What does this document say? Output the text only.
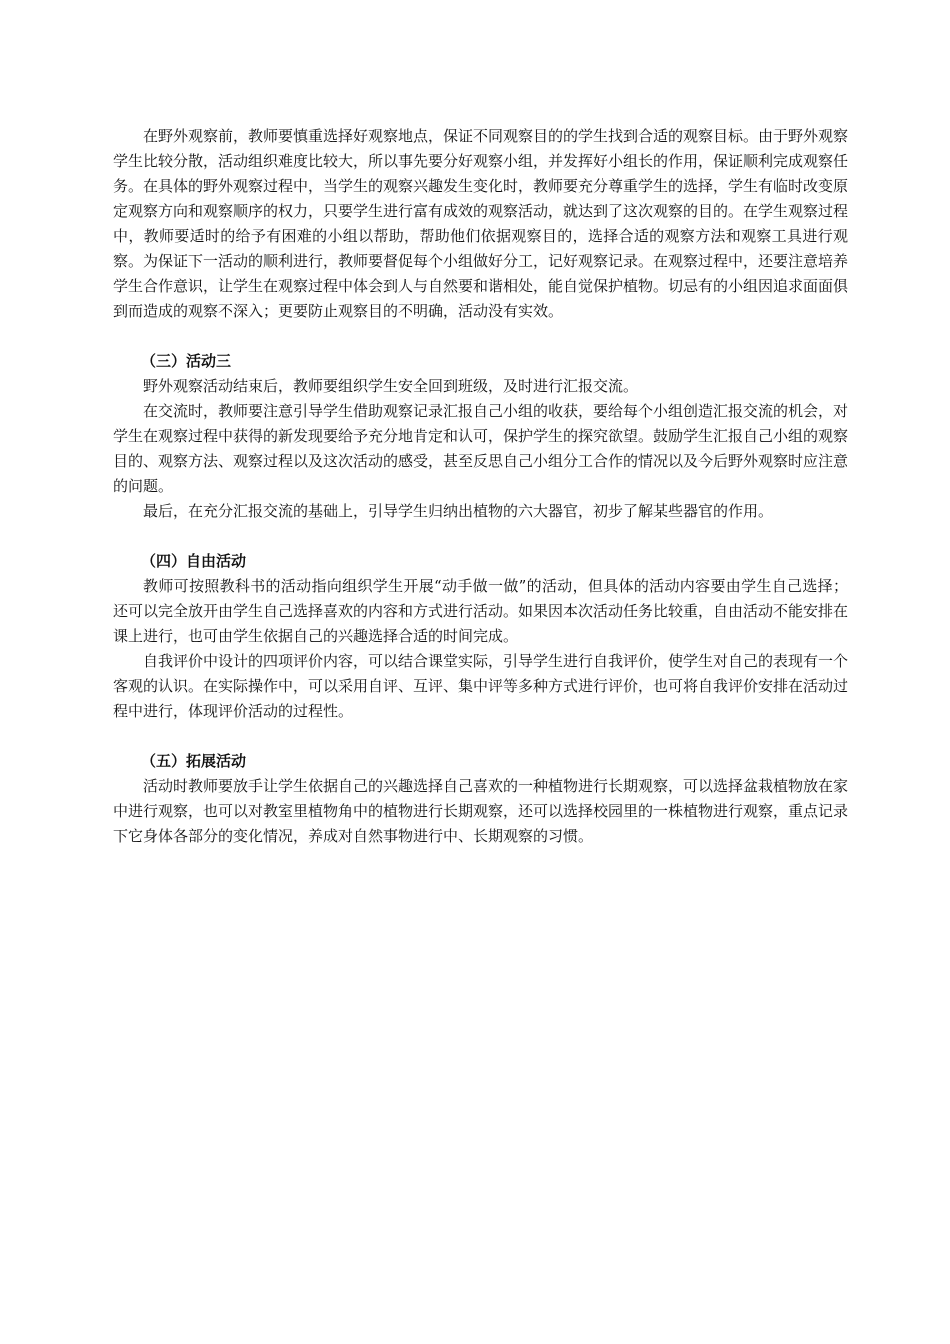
在野外观察前，教师要慎重选择好观察地点，保证不同观察目的的学生找到合适的观察目标。由于野外观察学生比较分散，活动组织难度比较大，所以事先要分好观察小组，并发挥好小组长的作用，保证顺利完成观察任务。在具体的野外观察过程中，当学生的观察兴趣发生变化时，教师要充分尊重学生的选择，学生有临时改变原定观察方向和观察顺序的权力，只要学生进行富有成效的观察活动，就达到了这次观察的目的。在学生观察过程中，教师要适时的给予有困难的小组以帮助，帮助他们依据观察目的，选择合适的观察方法和观察工具进行观察。为保证下一活动的顺利进行，教师要督促每个小组做好分工，记好观察记录。在观察过程中，还要注意培养学生合作意识，让学生在观察过程中体会到人与自然要和谐相处，能自觉保护植物。切忌有的小组因追求面面俱到而造成的观察不深入；更要防止观察目的不明确，活动没有实效。

（三）活动三

野外观察活动结束后，教师要组织学生安全回到班级，及时进行汇报交流。

在交流时，教师要注意引导学生借助观察记录汇报自己小组的收获，要给每个小组创造汇报交流的机会，对学生在观察过程中获得的新发现要给予充分地肯定和认可，保护学生的探究欲望。鼓励学生汇报自己小组的观察目的、观察方法、观察过程以及这次活动的感受，甚至反思自己小组分工合作的情况以及今后野外观察时应注意的问题。

最后，在充分汇报交流的基础上，引导学生归纳出植物的六大器官，初步了解某些器官的作用。

（四）自由活动

教师可按照教科书的活动指向组织学生开展“动手做一做”的活动，但具体的活动内容要由学生自己选择；还可以完全放开由学生自己选择喜欢的内容和方式进行活动。如果因本次活动任务比较重，自由活动不能安排在课上进行，也可由学生依据自己的兴趣选择合适的时间完成。

自我评价中设计的四项评价内容，可以结合课堂实际，引导学生进行自我评价，使学生对自己的表现有一个客观的认识。在实际操作中，可以采用自评、互评、集中评等多种方式进行评价，也可将自我评价安排在活动过程中进行，体现评价活动的过程性。

（五）拓展活动

活动时教师要放手让学生依据自己的兴趣选择自己喜欢的一种植物进行长期观察，可以选择盆栽植物放在家中进行观察，也可以对教室里植物角中的植物进行长期观察，还可以选择校园里的一株植物进行观察，重点记录下它身体各部分的变化情况，养成对自然事物进行中、长期观察的习惯。
